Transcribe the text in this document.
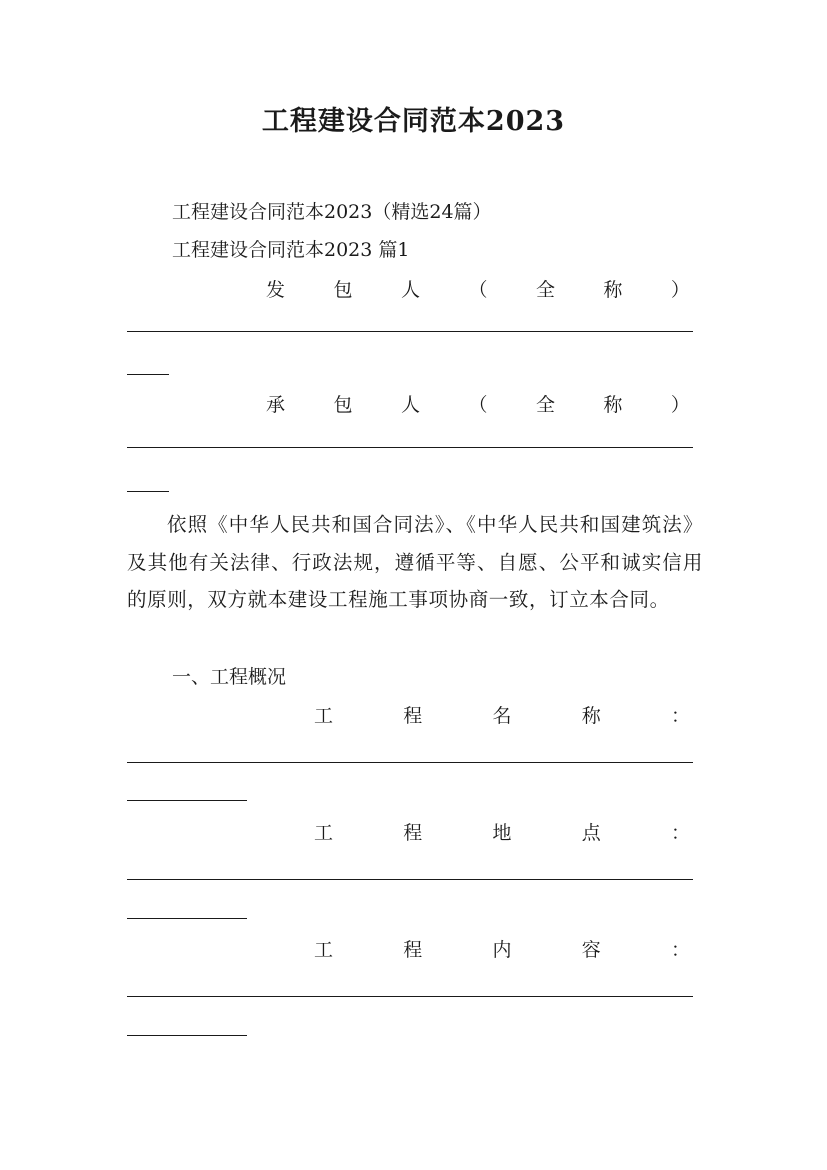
工程建设合同范本2023
工程建设合同范本2023（精选24篇）
工程建设合同范本2023 篇1
发	包	人	（	全	称	）
承	包	人	（	全	称	）
依照《中华人民共和国合同法》、《中华人民共和国建筑法》及其他有关法律、行政法规，遵循平等、自愿、公平和诚实信用的原则，双方就本建设工程施工事项协商一致，订立本合同。
一、工程概况
工	程	名	称	：
工	程	地	点	：
工	程	内	容	：
